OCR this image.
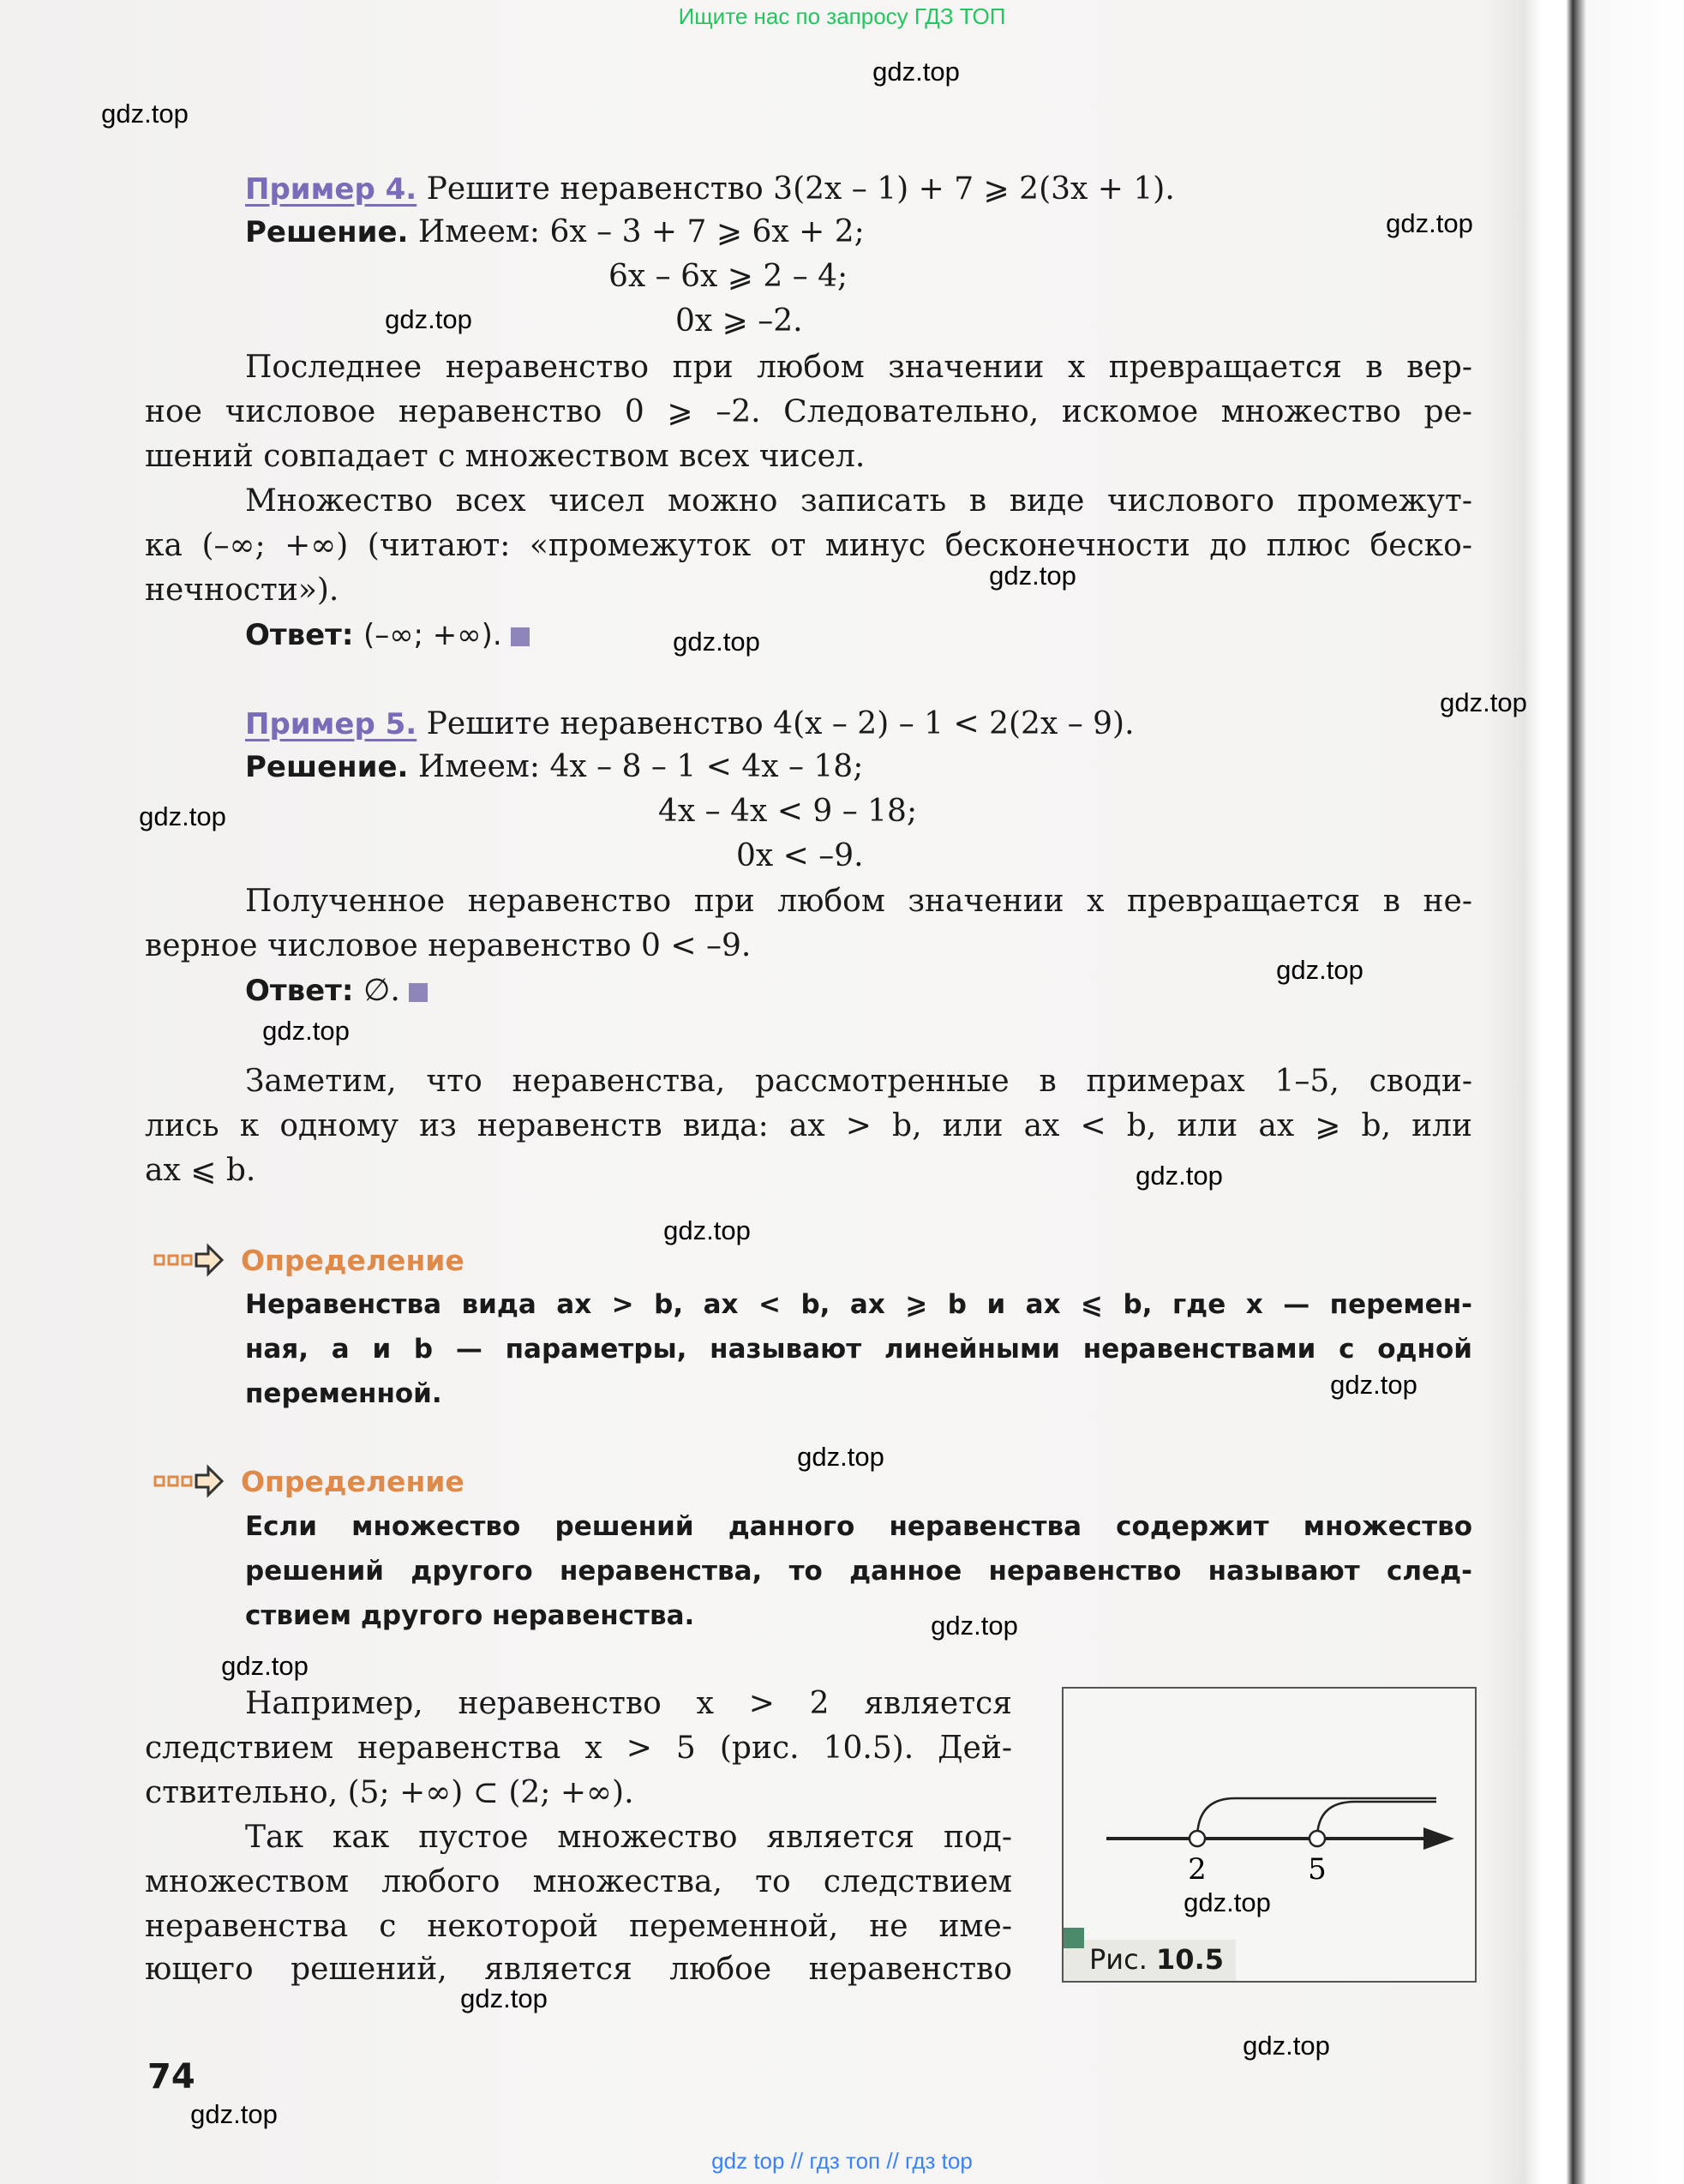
Ищите нас по запросу ГДЗ ТОП
Пример 4. Решите неравенство 3(2x – 1) + 7 ⩾ 2(3x + 1).
Решение. Имеем: 6x – 3 + 7 ⩾ 6x + 2;
6x – 6x ⩾ 2 – 4;
0x ⩾ –2.
Последнее неравенство при любом значении x превращается в вер-
ное числовое неравенство 0 ⩾ –2. Следовательно, искомое множество ре-
шений совпадает с множеством всех чисел.
Множество всех чисел можно записать в виде числового промежут-
ка (–∞; +∞) (читают: «промежуток от минус бесконечности до плюс беско-
нечности»).
Ответ: (–∞; +∞).
Пример 5. Решите неравенство 4(x – 2) – 1 < 2(2x – 9).
Решение. Имеем: 4x – 8 – 1 < 4x – 18;
4x – 4x < 9 – 18;
0x < –9.
Полученное неравенство при любом значении x превращается в не-
верное числовое неравенство 0 < –9.
Ответ: ∅.
Заметим, что неравенства, рассмотренные в примерах 1–5, своди-
лись к одному из неравенств вида: ax > b, или ax < b, или ax ⩾ b, или
ax ⩽ b.
Определение
Неравенства вида ax > b, ax < b, ax ⩾ b и ax ⩽ b, где x — перемен-
ная, a и b — параметры, называют линейными неравенствами с одной
переменной.
Определение
Если множество решений данного неравенства содержит множество
решений другого неравенства, то данное неравенство называют след-
ствием другого неравенства.
Например, неравенство x > 2 является
следствием неравенства x > 5 (рис. 10.5). Дей-
ствительно, (5; +∞) ⊂ (2; +∞).
Так как пустое множество является под-
множеством любого множества, то следствием
неравенства с некоторой переменной, не име-
ющего решений, является любое неравенство
2	5
Рис. 10.5
74
gdz.top
gdz.top
gdz.top
gdz.top
gdz.top
gdz.top
gdz.top
gdz.top
gdz.top
gdz.top
gdz.top
gdz.top
gdz.top
gdz.top
gdz.top
gdz.top
gdz.top
gdz.top
gdz.top
gdz.top
gdz top // гдз топ // гдз top
